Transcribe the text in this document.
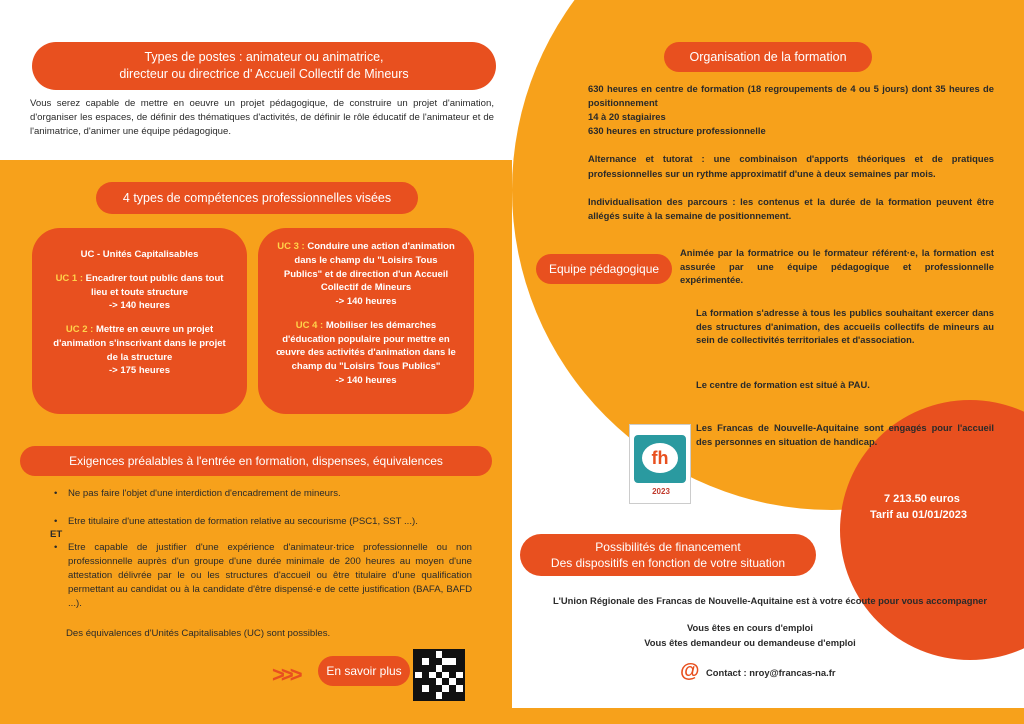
Types de postes : animateur ou animatrice,
directeur ou directrice d' Accueil Collectif de Mineurs
Vous serez capable de mettre en oeuvre un projet pédagogique, de construire un projet d'animation, d'organiser les espaces, de définir des thématiques d'activités, de définir le rôle éducatif de l'animateur et de l'animatrice, d'animer une équipe pédagogique.
4 types de compétences professionnelles visées

UC - Unités Capitalisables

UC 1 : Encadrer tout public dans tout lieu et toute structure
-> 140 heures

UC 2 : Mettre en œuvre un projet d'animation s'inscrivant dans le projet de la structure
-> 175 heures

UC 3 : Conduire une action d'animation dans le champ du "Loisirs Tous Publics" et de direction d'un Accueil Collectif de Mineurs
-> 140 heures

UC 4 : Mobiliser les démarches d'éducation populaire pour mettre en œuvre des activités d'animation dans le champ du "Loisirs Tous Publics"
-> 140 heures

Exigences préalables à l'entrée en formation, dispenses, équivalences
• Ne pas faire l'objet d'une interdiction d'encadrement de mineurs.
• Etre titulaire d'une attestation de formation relative au secourisme (PSC1, SST ...).
ET
• Etre capable de justifier d'une expérience d'animateur·trice professionnelle ou non professionnelle auprès d'un groupe d'une durée minimale de 200 heures au moyen d'une attestation délivrée par le ou les structures d'accueil ou être titulaire d'une qualification permettant au candidat ou à la candidate d'être dispensé·e de cette justification (BAFA, BAFD ...).
Des équivalences d'Unités Capitalisables (UC) sont possibles.
>>>	En savoir plus
Organisation de la formation
630 heures en centre de formation (18 regroupements de 4 ou 5 jours) dont 35 heures de positionnement
14 à 20 stagiaires
630 heures en structure professionnelle
Alternance et tutorat : une combinaison d'apports théoriques et de pratiques professionnelles sur un rythme approximatif d'une à deux semaines par mois.
Individualisation des parcours : les contenus et la durée de la formation peuvent être allégés suite à la semaine de positionnement.
Equipe pédagogique
Animée par la formatrice ou le formateur référent·e, la formation est assurée par une équipe pédagogique et professionnelle expérimentée.
La formation s'adresse à tous les publics souhaitant exercer dans des structures d'animation, des accueils collectifs de mineurs au sein de collectivités territoriales et d'association.
Le centre de formation est situé à PAU.
fh
2023
Les Francas de Nouvelle-Aquitaine sont engagés pour l'accueil des personnes en situation de handicap.
7 213.50 euros
Tarif au 01/01/2023
Possibilités de financement
Des dispositifs en fonction de votre situation
L'Union Régionale des Francas de Nouvelle-Aquitaine est à votre écoute pour vous accompagner
Vous êtes en cours d'emploi
Vous êtes demandeur ou demandeuse d'emploi
@ Contact : nroy@francas-na.fr
